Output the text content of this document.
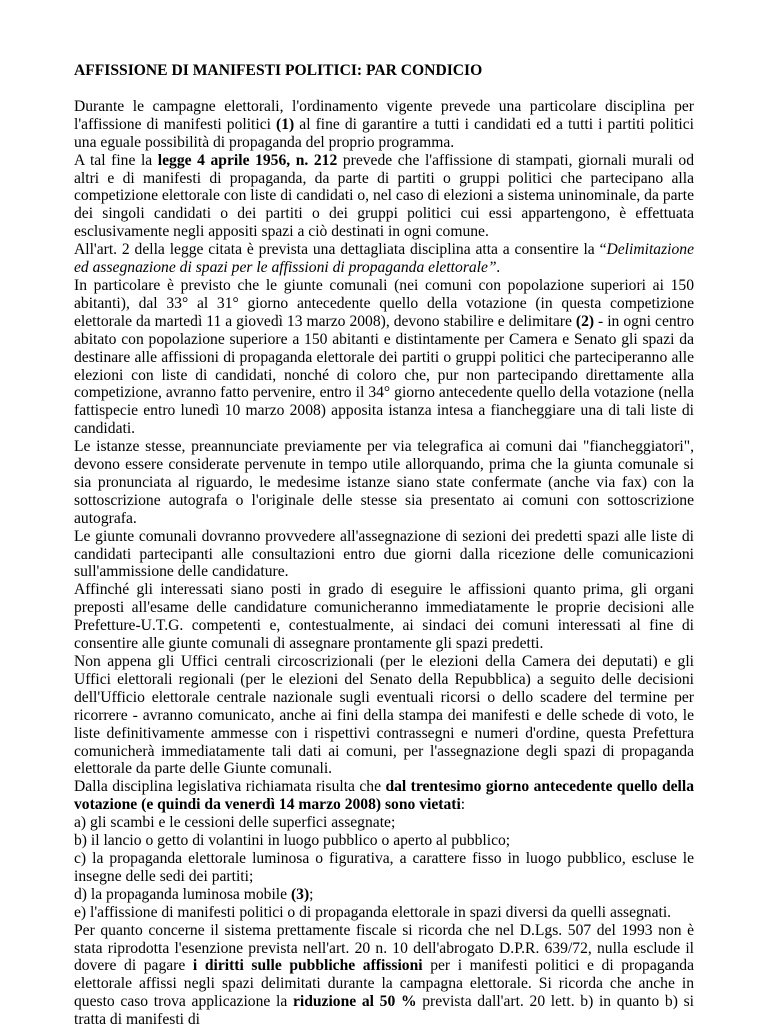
AFFISSIONE DI MANIFESTI POLITICI: PAR CONDICIO

Durante le campagne elettorali, l'ordinamento vigente prevede una particolare disciplina per l'affissione di manifesti politici (1) al fine di garantire a tutti i candidati ed a tutti i partiti politici una eguale possibilità di propaganda del proprio programma.

A tal fine la legge 4 aprile 1956, n. 212 prevede che l'affissione di stampati, giornali murali od altri e di manifesti di propaganda, da parte di partiti o gruppi politici che partecipano alla competizione elettorale con liste di candidati o, nel caso di elezioni a sistema uninominale, da parte dei singoli candidati o dei partiti o dei gruppi politici cui essi appartengono, è effettuata esclusivamente negli appositi spazi a ciò destinati in ogni comune.

All'art. 2 della legge citata è prevista una dettagliata disciplina atta a consentire la “Delimitazione ed assegnazione di spazi per le affissioni di propaganda elettorale”.

In particolare è previsto che le giunte comunali (nei comuni con popolazione superiori ai 150 abitanti), dal 33° al 31° giorno antecedente quello della votazione (in questa competizione elettorale da martedì 11 a giovedì 13 marzo 2008), devono stabilire e delimitare (2) - in ogni centro abitato con popolazione superiore a 150 abitanti e distintamente per Camera e Senato gli spazi da destinare alle affissioni di propaganda elettorale dei partiti o gruppi politici che parteciperanno alle elezioni con liste di candidati, nonché di coloro che, pur non partecipando direttamente alla competizione, avranno fatto pervenire, entro il 34° giorno antecedente quello della votazione (nella fattispecie entro lunedì 10 marzo 2008) apposita istanza intesa a fiancheggiare una di tali liste di candidati.

Le istanze stesse, preannunciate previamente per via telegrafica ai comuni dai "fiancheggiatori", devono essere considerate pervenute in tempo utile allorquando, prima che la giunta comunale si sia pronunciata al riguardo, le medesime istanze siano state confermate (anche via fax) con la sottoscrizione autografa o l'originale delle stesse sia presentato ai comuni con sottoscrizione autografa.

Le giunte comunali dovranno provvedere all'assegnazione di sezioni dei predetti spazi alle liste di candidati partecipanti alle consultazioni entro due giorni dalla ricezione delle comunicazioni sull'ammissione delle candidature.

Affinché gli interessati siano posti in grado di eseguire le affissioni quanto prima, gli organi preposti all'esame delle candidature comunicheranno immediatamente le proprie decisioni alle Prefetture-U.T.G. competenti e, contestualmente, ai sindaci dei comuni interessati al fine di consentire alle giunte comunali di assegnare prontamente gli spazi predetti.

Non appena gli Uffici centrali circoscrizionali (per le elezioni della Camera dei deputati) e gli Uffici elettorali regionali (per le elezioni del Senato della Repubblica) a seguito delle decisioni dell'Ufficio elettorale centrale nazionale sugli eventuali ricorsi o dello scadere del termine per ricorrere - avranno comunicato, anche ai fini della stampa dei manifesti e delle schede di voto, le liste definitivamente ammesse con i rispettivi contrassegni e numeri d'ordine, questa Prefettura comunicherà immediatamente tali dati ai comuni, per l'assegnazione degli spazi di propaganda elettorale da parte delle Giunte comunali.

Dalla disciplina legislativa richiamata risulta che dal trentesimo giorno antecedente quello della votazione (e quindi da venerdì 14 marzo 2008) sono vietati:

a) gli scambi e le cessioni delle superfici assegnate;

b) il lancio o getto di volantini in luogo pubblico o aperto al pubblico;

c) la propaganda elettorale luminosa o figurativa, a carattere fisso in luogo pubblico, escluse le insegne delle sedi dei partiti;

d) la propaganda luminosa mobile (3);

e) l'affissione di manifesti politici o di propaganda elettorale in spazi diversi da quelli assegnati.

Per quanto concerne il sistema prettamente fiscale si ricorda che nel D.Lgs. 507 del 1993 non è stata riprodotta l'esenzione prevista nell'art. 20 n. 10 dell'abrogato D.P.R. 639/72, nulla esclude il dovere di pagare i diritti sulle pubbliche affissioni per i manifesti politici e di propaganda elettorale affissi negli spazi delimitati durante la campagna elettorale. Si ricorda che anche in questo caso trova applicazione la riduzione al 50 % prevista dall'art. 20 lett. b) in quanto b) si tratta di manifesti di
